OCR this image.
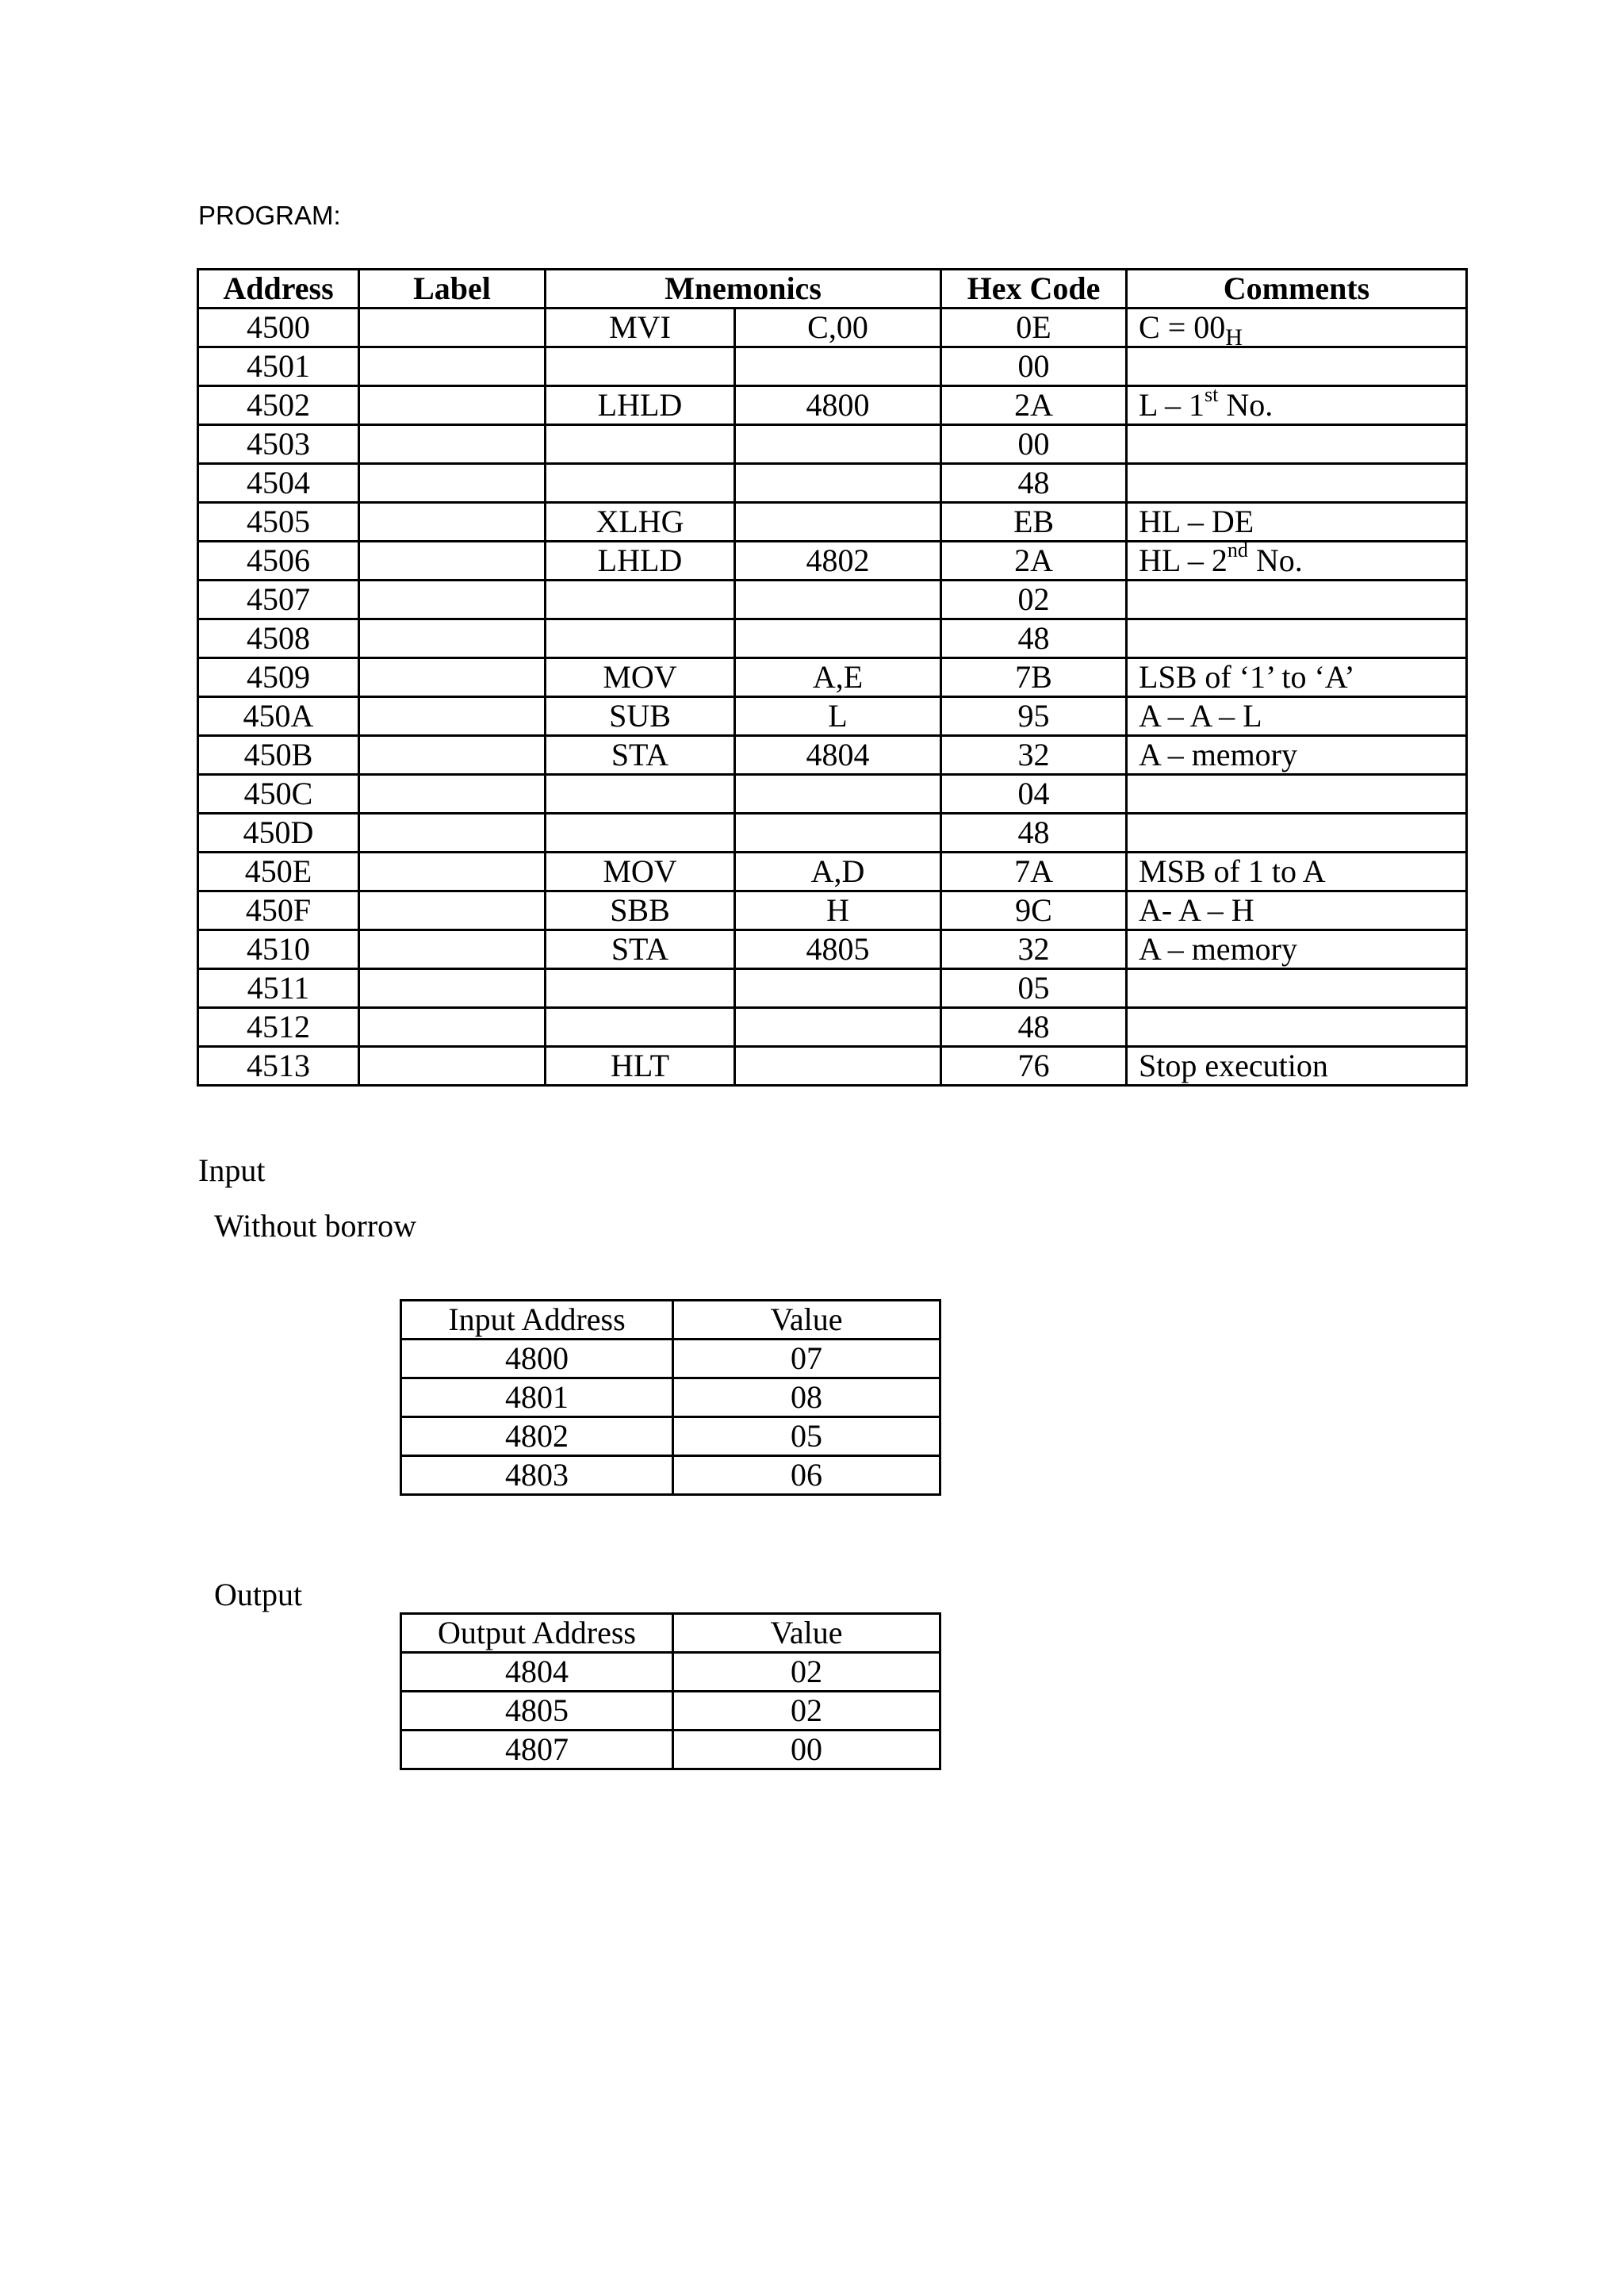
PROGRAM:
Address	Label	Mnemonics		Hex Code	Comments
4500		MVI	C,00	0E	$C = 00_H$
4501				00	
4502		LHLD	4800	2A	L – 1st No.
4503				00	
4504				48	
4505		XLHG		EB	HL – DE
4506		LHLD	4802	2A	HL – 2nd No.
4507				02	
4508				48	
4509		MOV	A,E	7B	LSB of ‘1’ to ‘A’
450A		SUB	L	95	A – A – L
450B		STA	4804	32	A – memory
450C				04	
450D				48	
450E		MOV	A,D	7A	MSB of 1 to A
450F		SBB	H	9C	A- A – H
4510		STA	4805	32	A – memory
4511				05	
4512				48	
4513		HLT		76	Stop execution
Input
Without borrow
Input Address	Value
4800	07
4801	08
4802	05
4803	06
Output
Output Address	Value
4804	02
4805	02
4807	00
